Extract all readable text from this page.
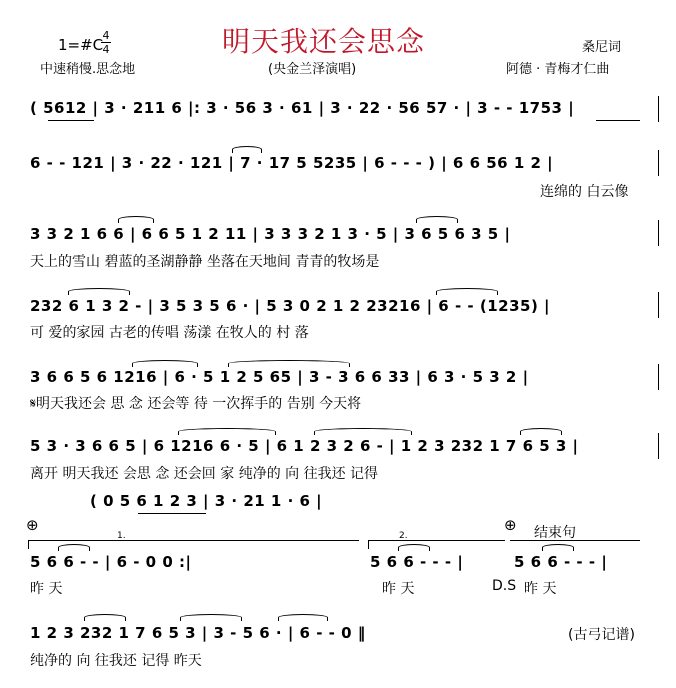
1=#C
4
4	明天我还会思念	桑尼词
中速稍慢.思念地	(央金兰泽演唱)	阿德 · 青梅才仁曲
( 5612 | 3 · 211 6 |: 3 · 56 3 · 61 | 3 · 22 · 56 57 · | 3 - - 1753 |
6 - - 121 | 3 · 22 · 121 | 7 · 17 5 5235 | 6 - - - ) | 6 6 56 1 2 |
连绵的 白云像
3 3 2 1 6 6 | 6 6 5 1 2 11 | 3 3 3 2 1 3 · 5 | 3 6 5 6 3 5 |
天上的雪山 碧蓝的圣湖静静 坐落在天地间 青青的牧场是
232 6 1 3 2 - | 3 5 3 5 6 · | 5 3 0 2 1 2 23216 | 6 - - (1235) |
可 爱的家园 古老的传唱 荡漾 在牧人的 村 落
3 6 6 5 6 1216 | 6 · 5 1 2 5 65 | 3 - 3 6 6 33 | 6 3 · 5 3 2 |
𝄋明天我还会 思 念 还会等 待 一次挥手的 告别 今天将
5 3 · 3 6 6 5 | 6 1216 6 · 5 | 6 1 2 3 2 6 - | 1 2 3 232 1 7 6 5 3 |
离开 明天我还 会思 念 还会回 家 纯净的 向 往我还 记得
( 0 5 6 1 2 3 | 3 · 21 1 · 6 |
⊕	⊕ 结束句
1.	2.
5 6 6 - - | 6 - 0 0 :|	5 6 6 - - - |	5 6 6 - - - |
昨 天	昨 天	D.S 昨 天
1 2 3 232 1 7 6 5 3 | 3 - 5 6 · | 6 - - 0 ‖
纯净的 向 往我还 记得 昨天
(古弓记谱)
